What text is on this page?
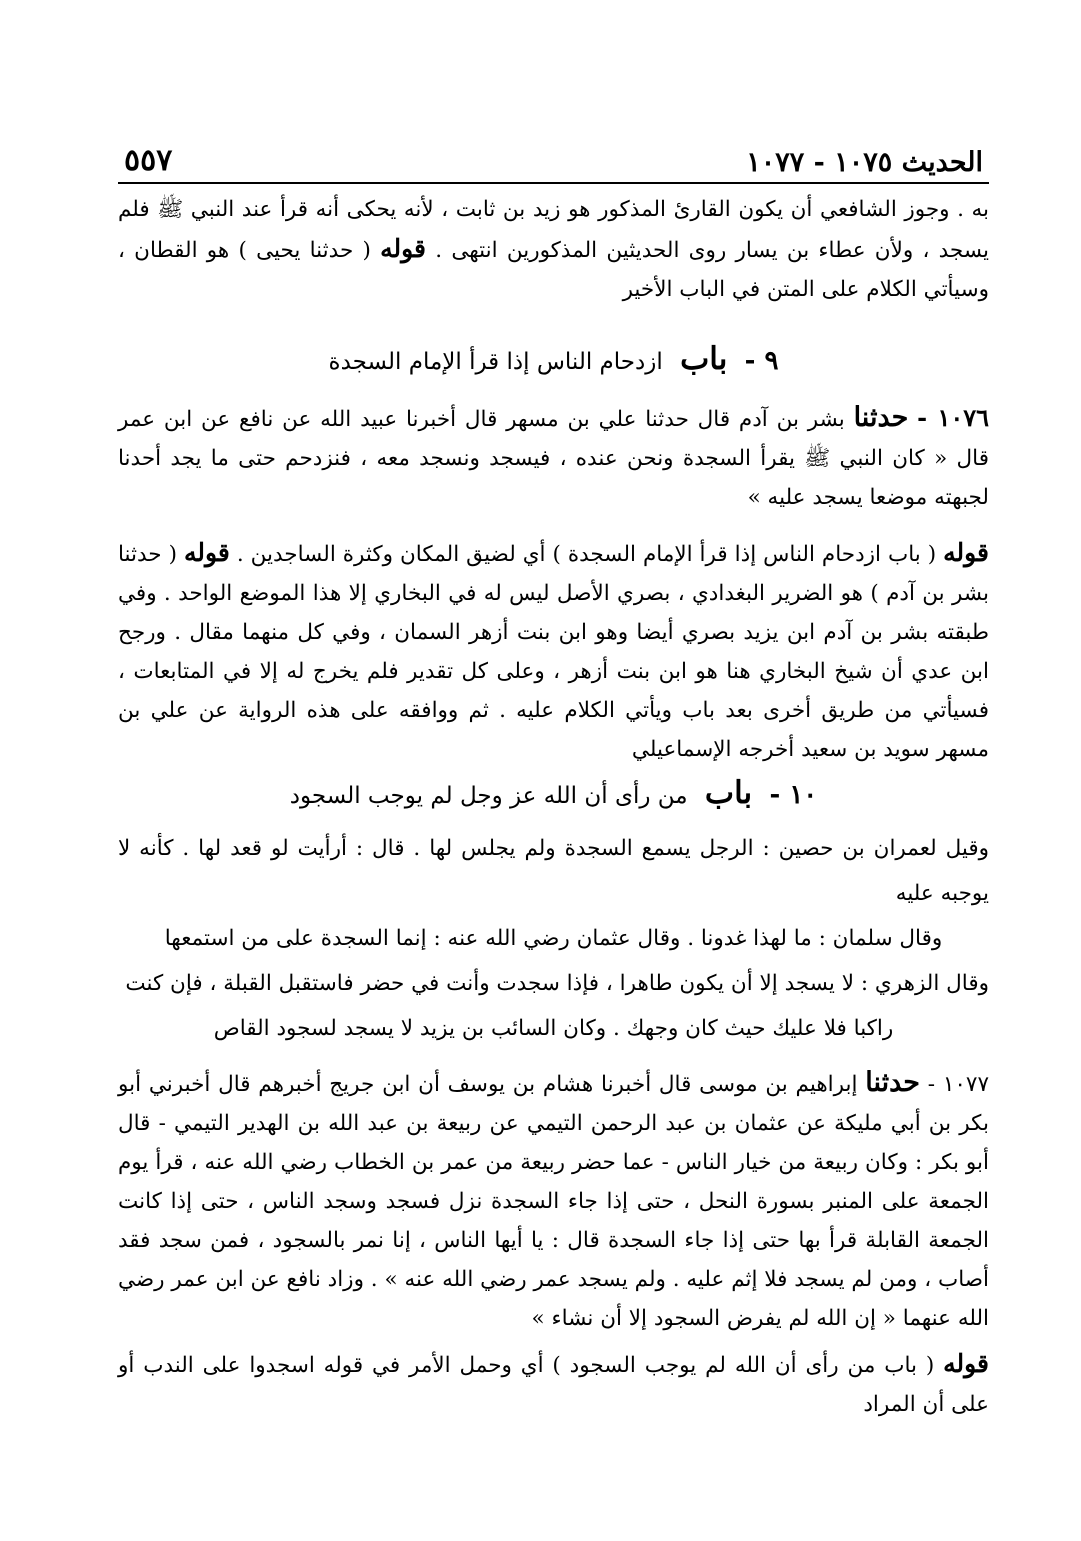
الحديث ١٠٧٥ - ١٠٧٧
٥٥٧

به . وجوز الشافعي أن يكون القارئ المذكور هو زيد بن ثابت ، لأنه يحكى أنه قرأ عند النبي ﷺ فلم يسجد ، ولأن عطاء بن يسار روى الحديثين المذكورين انتهى . قوله ( حدثنا يحيى ) هو القطان ، وسيأتي الكلام على المتن في الباب الأخير

٩ - باب ازدحام الناس إذا قرأ الإمام السجدة

١٠٧٦ - حدثنا بشر بن آدم قال حدثنا علي بن مسهر قال أخبرنا عبيد الله عن نافع عن ابن عمر قال « كان النبي ﷺ يقرأ السجدة ونحن عنده ، فيسجد ونسجد معه ، فنزدحم حتى ما يجد أحدنا لجبهته موضعا يسجد عليه »

قوله ( باب ازدحام الناس إذا قرأ الإمام السجدة ) أي لضيق المكان وكثرة الساجدين . قوله ( حدثنا بشر بن آدم ) هو الضرير البغدادي ، بصري الأصل ليس له في البخاري إلا هذا الموضع الواحد . وفي طبقته بشر بن آدم ابن يزيد بصري أيضا وهو ابن بنت أزهر السمان ، وفي كل منهما مقال . ورجح ابن عدي أن شيخ البخاري هنا هو ابن بنت أزهر ، وعلى كل تقدير فلم يخرج له إلا في المتابعات ، فسيأتي من طريق أخرى بعد باب ويأتي الكلام عليه . ثم ووافقه على هذه الرواية عن علي بن مسهر سويد بن سعيد أخرجه الإسماعيلي

١٠ - باب من رأى أن الله عز وجل لم يوجب السجود

وقيل لعمران بن حصين : الرجل يسمع السجدة ولم يجلس لها . قال : أرأيت لو قعد لها . كأنه لا يوجبه عليه

وقال سلمان : ما لهذا غدونا . وقال عثمان رضي الله عنه : إنما السجدة على من استمعها

وقال الزهري : لا يسجد إلا أن يكون طاهرا ، فإذا سجدت وأنت في حضر فاستقبل القبلة ، فإن كنت

راكبا فلا عليك حيث كان وجهك . وكان السائب بن يزيد لا يسجد لسجود القاص

١٠٧٧ - حدثنا إبراهيم بن موسى قال أخبرنا هشام بن يوسف أن ابن جريج أخبرهم قال أخبرني أبو بكر بن أبي مليكة عن عثمان بن عبد الرحمن التيمي عن ربيعة بن عبد الله بن الهدير التيمي - قال أبو بكر : وكان ربيعة من خيار الناس - عما حضر ربيعة من عمر بن الخطاب رضي الله عنه ، قرأ يوم الجمعة على المنبر بسورة النحل ، حتى إذا جاء السجدة نزل فسجد وسجد الناس ، حتى إذا كانت الجمعة القابلة قرأ بها حتى إذا جاء السجدة قال : يا أيها الناس ، إنا نمر بالسجود ، فمن سجد فقد أصاب ، ومن لم يسجد فلا إثم عليه . ولم يسجد عمر رضي الله عنه » . وزاد نافع عن ابن عمر رضي الله عنهما « إن الله لم يفرض السجود إلا أن نشاء »

قوله ( باب من رأى أن الله لم يوجب السجود ) أي وحمل الأمر في قوله اسجدوا على الندب أو على أن المراد
